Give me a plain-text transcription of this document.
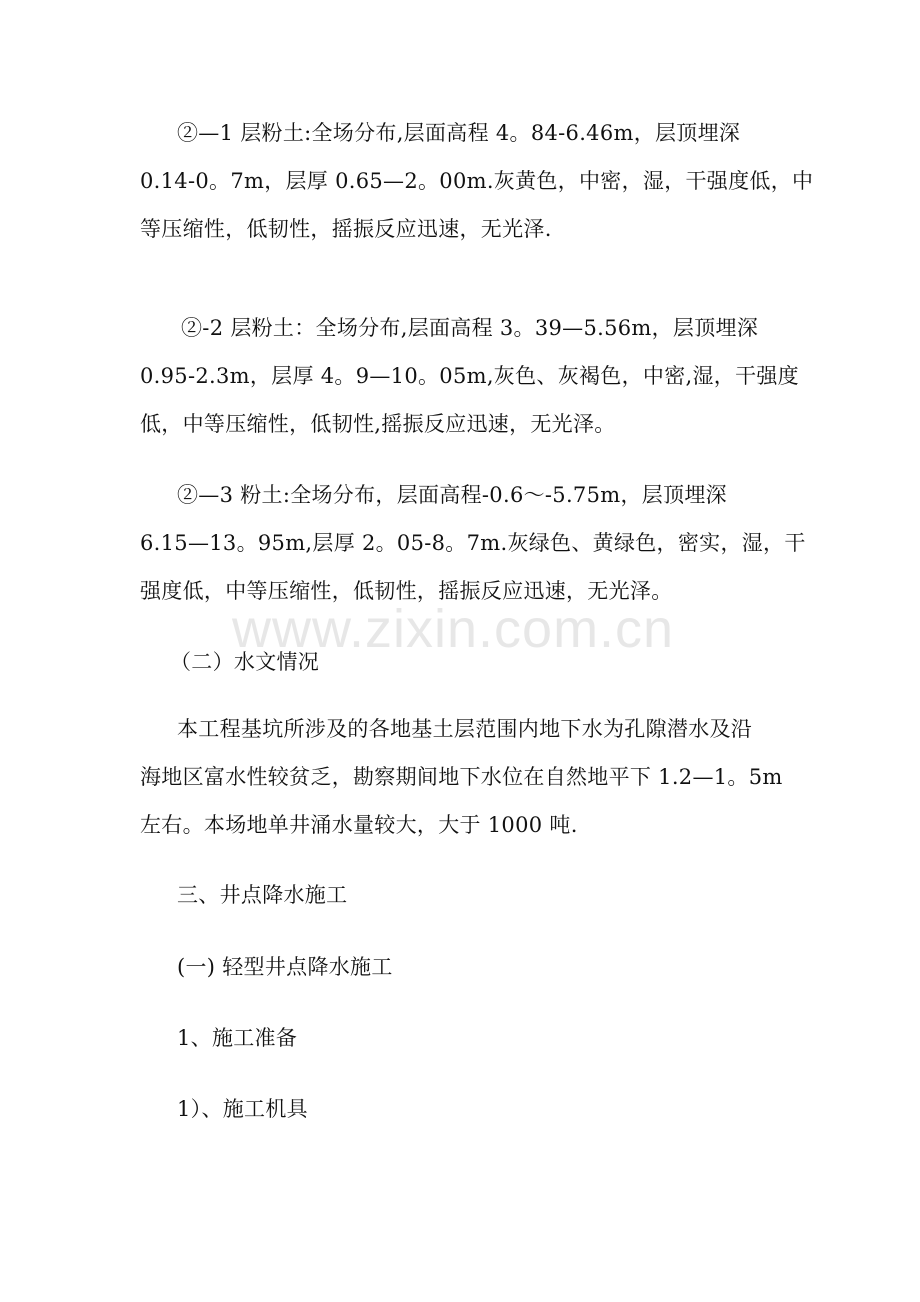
www.zixin.com.cn
②—1 层粉土:全场分布,层面高程 4。84-6.46m，层顶埋深
0.14-0。7m，层厚 0.65—2。00m.灰黄色，中密，湿，干强度低，中
等压缩性，低韧性，摇振反应迅速，无光泽.
②-2 层粉土：全场分布,层面高程 3。39—5.56m，层顶埋深
0.95-2.3m，层厚 4。9—10。05m,灰色、灰褐色，中密,湿，干强度
低，中等压缩性，低韧性,摇振反应迅速，无光泽。
②—3 粉土:全场分布，层面高程-0.6～-5.75m，层顶埋深
6.15—13。95m,层厚 2。05-8。7m.灰绿色、黄绿色，密实，湿，干
强度低，中等压缩性，低韧性，摇振反应迅速，无光泽。
（二）水文情况
本工程基坑所涉及的各地基土层范围内地下水为孔隙潜水及沿
海地区富水性较贫乏，勘察期间地下水位在自然地平下 1.2—1。5m
左右。本场地单井涌水量较大，大于 1000 吨.
三、井点降水施工
(一) 轻型井点降水施工
1、施工准备
1）、施工机具
